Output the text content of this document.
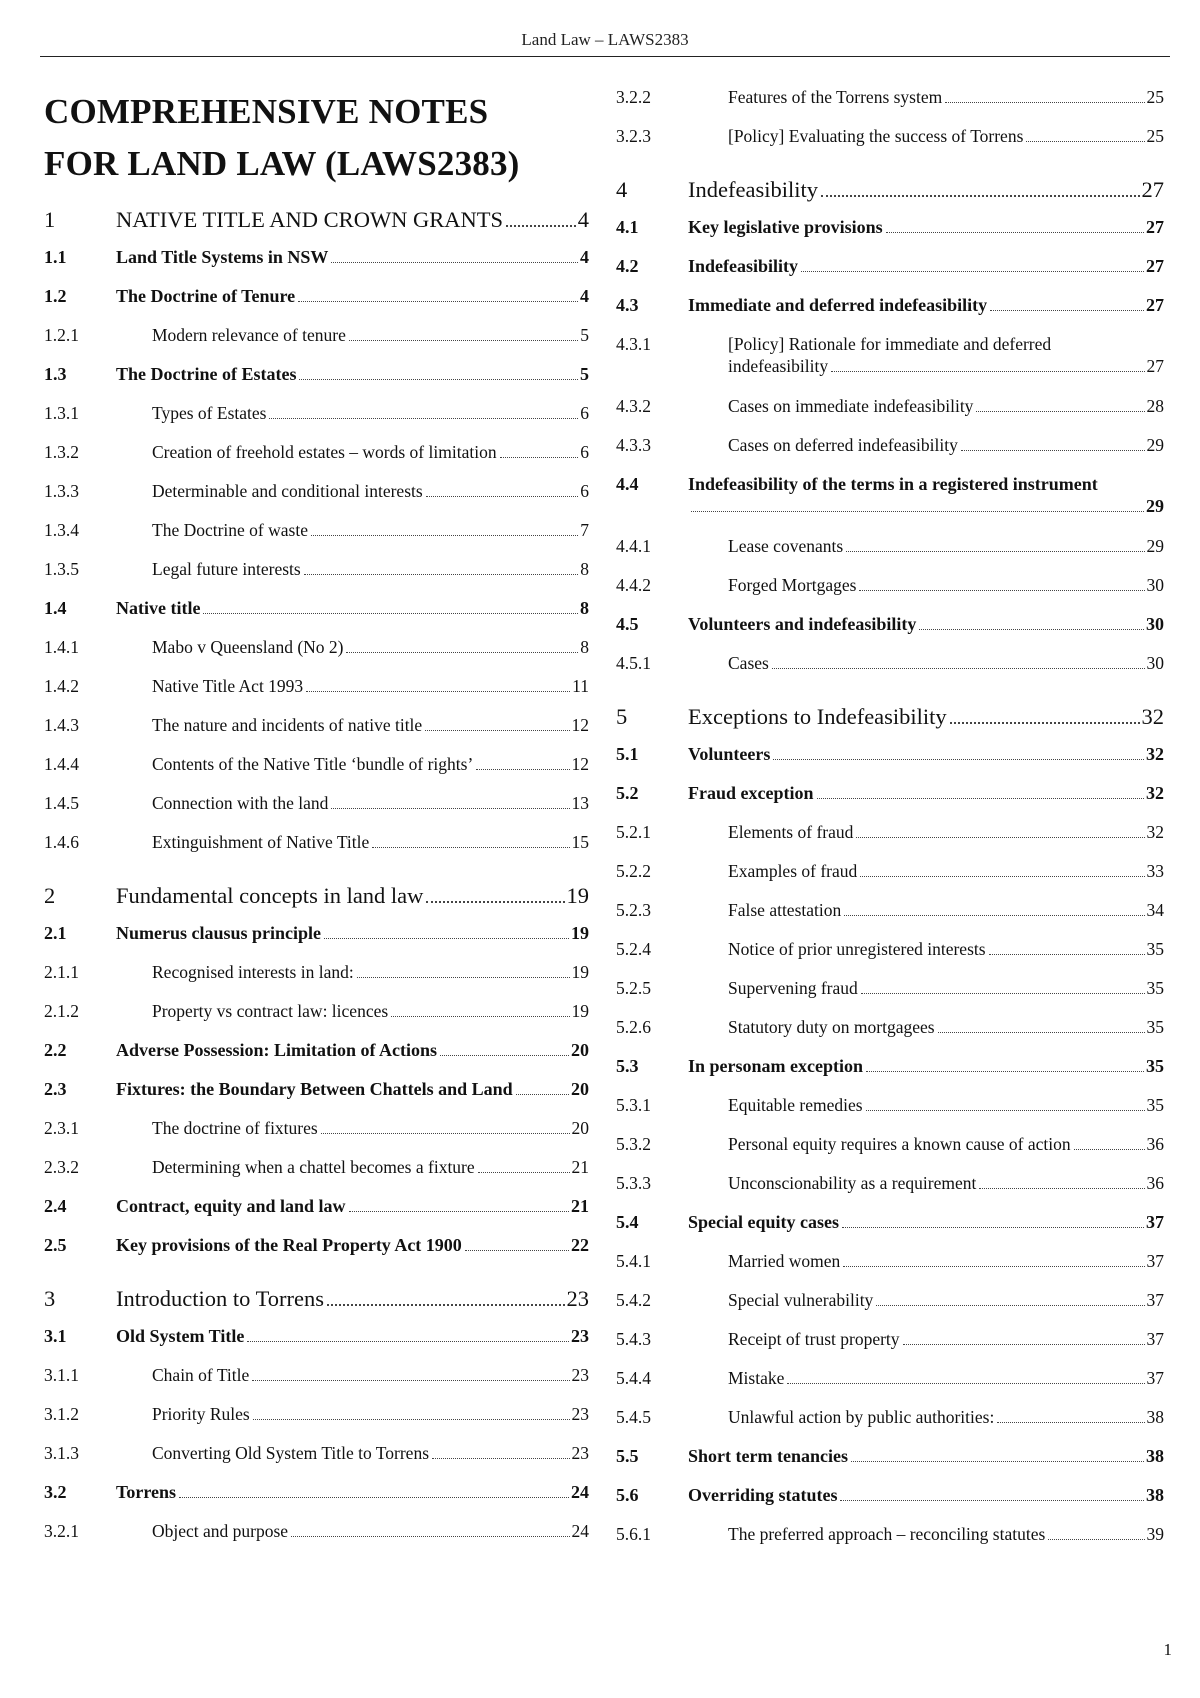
Land Law – LAWS2383
COMPREHENSIVE NOTES
FOR LAND LAW (LAWS2383)
1	NATIVE TITLE AND CROWN GRANTS	4
1.1	Land Title Systems in NSW	4
1.2	The Doctrine of Tenure	4
1.2.1	Modern relevance of tenure	5
1.3	The Doctrine of Estates	5
1.3.1	Types of Estates	6
1.3.2	Creation of freehold estates – words of limitation	6
1.3.3	Determinable and conditional interests	6
1.3.4	The Doctrine of waste	7
1.3.5	Legal future interests	8
1.4	Native title	8
1.4.1	Mabo v Queensland (No 2)	8
1.4.2	Native Title Act 1993	11
1.4.3	The nature and incidents of native title	12
1.4.4	Contents of the Native Title ‘bundle of rights’	12
1.4.5	Connection with the land	13
1.4.6	Extinguishment of Native Title	15
2	Fundamental concepts in land law	19
2.1	Numerus clausus principle	19
2.1.1	Recognised interests in land:	19
2.1.2	Property vs contract law: licences	19
2.2	Adverse Possession: Limitation of Actions	20
2.3	Fixtures: the Boundary Between Chattels and Land	20
2.3.1	The doctrine of fixtures	20
2.3.2	Determining when a chattel becomes a fixture	21
2.4	Contract, equity and land law	21
2.5	Key provisions of the Real Property Act 1900	22
3	Introduction to Torrens	23
3.1	Old System Title	23
3.1.1	Chain of Title	23
3.1.2	Priority Rules	23
3.1.3	Converting Old System Title to Torrens	23
3.2	Torrens	24
3.2.1	Object and purpose	24
3.2.2	Features of the Torrens system	25
3.2.3	[Policy] Evaluating the success of Torrens	25
4	Indefeasibility	27
4.1	Key legislative provisions	27
4.2	Indefeasibility	27
4.3	Immediate and deferred indefeasibility	27
4.3.1	[Policy] Rationale for immediate and deferred
indefeasibility	27
4.3.2	Cases on immediate indefeasibility	28
4.3.3	Cases on deferred indefeasibility	29
4.4	Indefeasibility of the terms in a registered instrument
29
4.4.1	Lease covenants	29
4.4.2	Forged Mortgages	30
4.5	Volunteers and indefeasibility	30
4.5.1	Cases	30
5	Exceptions to Indefeasibility	32
5.1	Volunteers	32
5.2	Fraud exception	32
5.2.1	Elements of fraud	32
5.2.2	Examples of fraud	33
5.2.3	False attestation	34
5.2.4	Notice of prior unregistered interests	35
5.2.5	Supervening fraud	35
5.2.6	Statutory duty on mortgagees	35
5.3	In personam exception	35
5.3.1	Equitable remedies	35
5.3.2	Personal equity requires a known cause of action	36
5.3.3	Unconscionability as a requirement	36
5.4	Special equity cases	37
5.4.1	Married women	37
5.4.2	Special vulnerability	37
5.4.3	Receipt of trust property	37
5.4.4	Mistake	37
5.4.5	Unlawful action by public authorities:	38
5.5	Short term tenancies	38
5.6	Overriding statutes	38
5.6.1	The preferred approach – reconciling statutes	39
1
